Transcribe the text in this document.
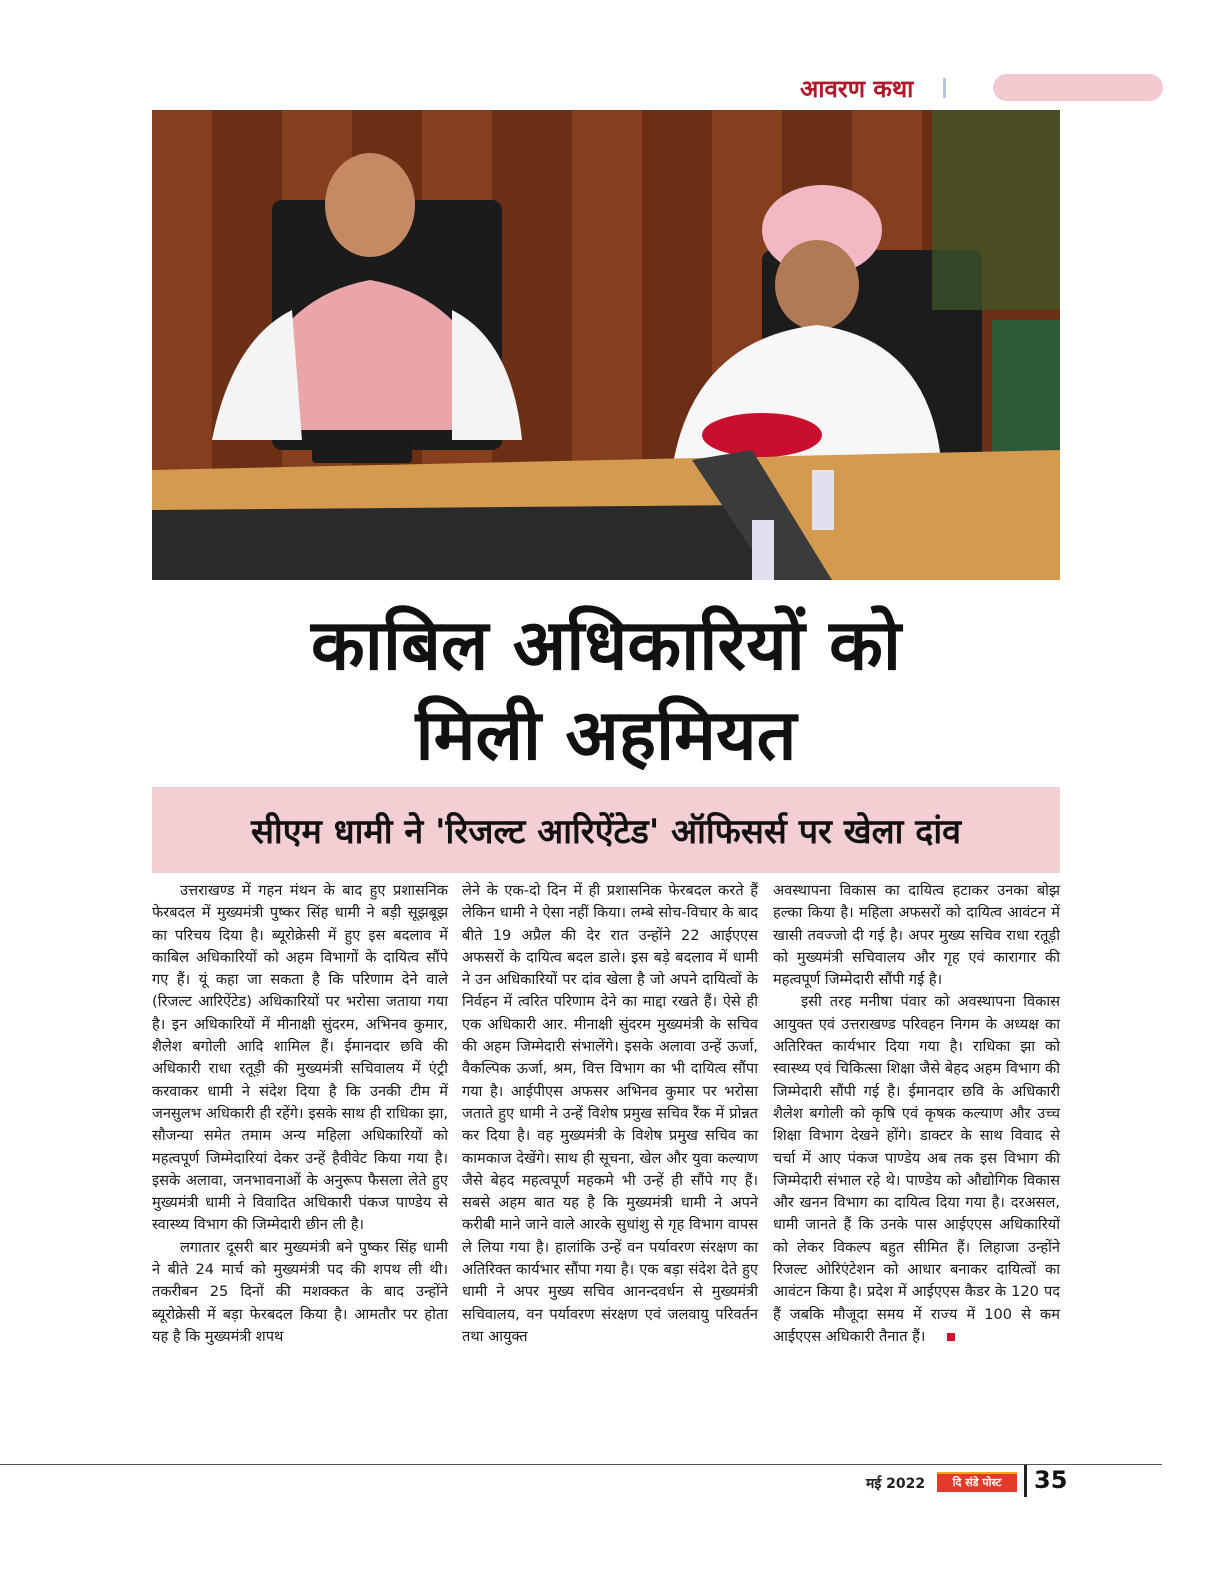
आवरण कथा
काबिल अधिकारियों को
मिली अहमियत
सीएम धामी ने 'रिजल्ट आरिऐंटेड' ऑफिसर्स पर खेला दांव

उत्तराखण्ड में गहन मंथन के बाद हुए प्रशासनिक फेरबदल में मुख्यमंत्री पुष्कर सिंह धामी ने बड़ी सूझबूझ का परिचय दिया है। ब्यूरोक्रेसी में हुए इस बदलाव में काबिल अधिकारियों को अहम विभागों के दायित्व सौंपे गए हैं। यूं कहा जा सकता है कि परिणाम देने वाले (रिजल्ट आरिऐंटेड) अधिकारियों पर भरोसा जताया गया है। इन अधिकारियों में मीनाक्षी सुंदरम, अभिनव कुमार, शैलेश बगोली आदि शामिल हैं। ईमानदार छवि की अधिकारी राधा रतूड़ी की मुख्यमंत्री सचिवालय में एंट्री करवाकर धामी ने संदेश दिया है कि उनकी टीम में जनसुलभ अधिकारी ही रहेंगे। इसके साथ ही राधिका झा, सौजन्या समेत तमाम अन्य महिला अधिकारियों को महत्वपूर्ण जिम्मेदारियां देकर उन्हें हैवीवेट किया गया है। इसके अलावा, जनभावनाओं के अनुरूप फैसला लेते हुए मुख्यमंत्री धामी ने विवादित अधिकारी पंकज पाण्डेय से स्वास्थ्य विभाग की जिम्मेदारी छीन ली है।

लगातार दूसरी बार मुख्यमंत्री बने पुष्कर सिंह धामी ने बीते 24 मार्च को मुख्यमंत्री पद की शपथ ली थी। तकरीबन 25 दिनों की मशक्कत के बाद उन्होंने ब्यूरोक्रेसी में बड़ा फेरबदल किया है। आमतौर पर होता यह है कि मुख्यमंत्री शपथ

लेने के एक-दो दिन में ही प्रशासनिक फेरबदल करते हैं लेकिन धामी ने ऐसा नहीं किया। लम्बे सोच-विचार के बाद बीते 19 अप्रैल की देर रात उन्होंने 22 आईएएस अफसरों के दायित्व बदल डाले। इस बड़े बदलाव में धामी ने उन अधिकारियों पर दांव खेला है जो अपने दायित्वों के निर्वहन में त्वरित परिणाम देने का माद्दा रखते हैं। ऐसे ही एक अधिकारी आर. मीनाक्षी सुंदरम मुख्यमंत्री के सचिव की अहम जिम्मेदारी संभालेंगे। इसके अलावा उन्हें ऊर्जा, वैकल्पिक ऊर्जा, श्रम, वित्त विभाग का भी दायित्व सौंपा गया है। आईपीएस अफसर अभिनव कुमार पर भरोसा जताते हुए धामी ने उन्हें विशेष प्रमुख सचिव रैंक में प्रोन्नत कर दिया है। वह मुख्यमंत्री के विशेष प्रमुख सचिव का कामकाज देखेंगे। साथ ही सूचना, खेल और युवा कल्याण जैसे बेहद महत्वपूर्ण महकमे भी उन्हें ही सौंपे गए हैं। सबसे अहम बात यह है कि मुख्यमंत्री धामी ने अपने करीबी माने जाने वाले आरके सुधांशु से गृह विभाग वापस ले लिया गया है। हालांकि उन्हें वन पर्यावरण संरक्षण का अतिरिक्त कार्यभार सौंपा गया है। एक बड़ा संदेश देते हुए धामी ने अपर मुख्य सचिव आनन्दवर्धन से मुख्यमंत्री सचिवालय, वन पर्यावरण संरक्षण एवं जलवायु परिवर्तन तथा आयुक्त

अवस्थापना विकास का दायित्व हटाकर उनका बोझ हल्का किया है। महिला अफसरों को दायित्व आवंटन में खासी तवज्जो दी गई है। अपर मुख्य सचिव राधा रतूड़ी को मुख्यमंत्री सचिवालय और गृह एवं कारागार की महत्वपूर्ण जिम्मेदारी सौंपी गई है।

इसी तरह मनीषा पंवार को अवस्थापना विकास आयुक्त एवं उत्तराखण्ड परिवहन निगम के अध्यक्ष का अतिरिक्त कार्यभार दिया गया है। राधिका झा को स्वास्थ्य एवं चिकित्सा शिक्षा जैसे बेहद अहम विभाग की जिम्मेदारी सौंपी गई है। ईमानदार छवि के अधिकारी शैलेश बगोली को कृषि एवं कृषक कल्याण और उच्च शिक्षा विभाग देखने होंगे। डाक्टर के साथ विवाद से चर्चा में आए पंकज पाण्डेय अब तक इस विभाग की जिम्मेदारी संभाल रहे थे। पाण्डेय को औद्योगिक विकास और खनन विभाग का दायित्व दिया गया है। दरअसल, धामी जानते हैं कि उनके पास आईएएस अधिकारियों को लेकर विकल्प बहुत सीमित हैं। लिहाजा उन्होंने रिजल्ट ओरिएंटेशन को आधार बनाकर दायित्वों का आवंटन किया है। प्रदेश में आईएएस कैडर के 120 पद हैं जबकि मौजूदा समय में राज्य में 100 से कम आईएएस अधिकारी तैनात हैं।

मई 2022	दि संडे पोस्ट	35
